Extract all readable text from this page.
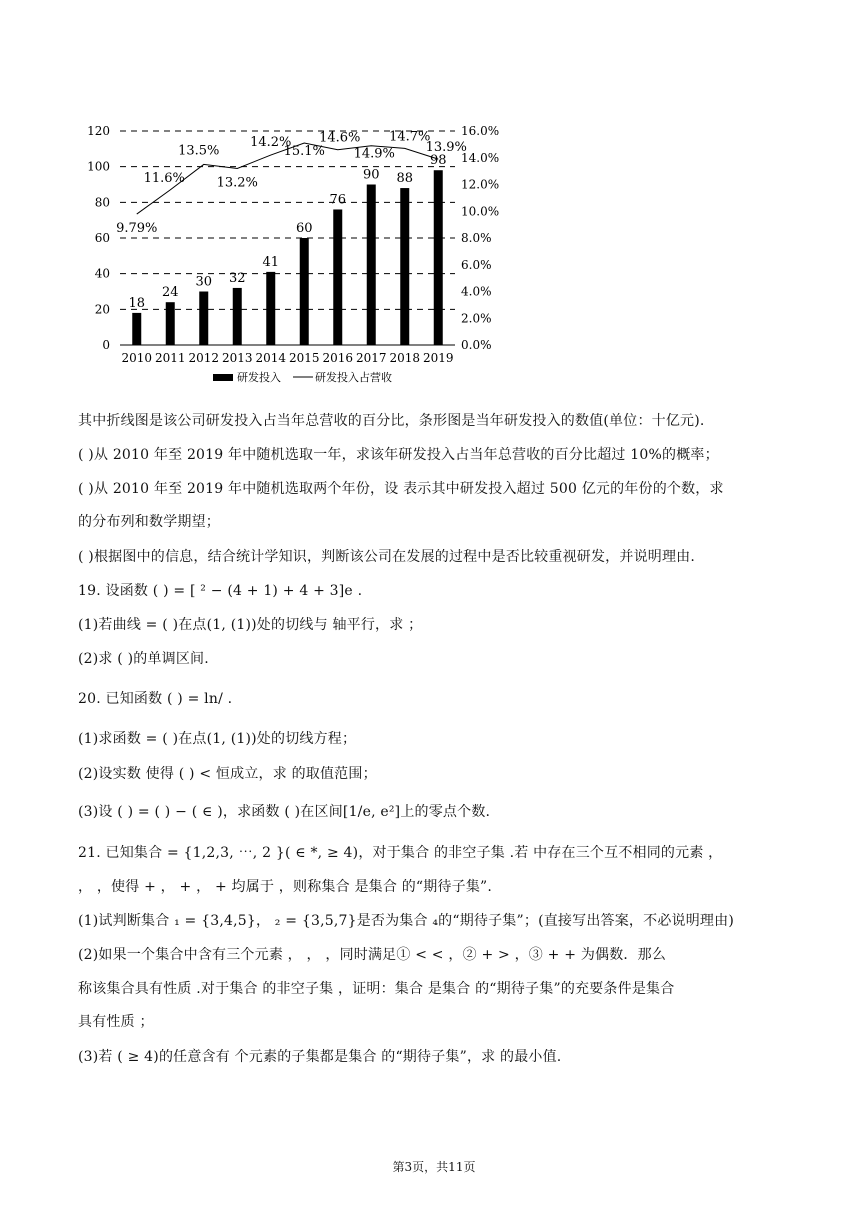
0
20
40
60
80
100
120
0.0%
2.0%
4.0%
6.0%
8.0%
10.0%
12.0%
14.0%
16.0%
18
2010
24
2011
30
2012
32
2013
41
2014
60
2015
76
2016
90
2017
88
2018
98
2019
9.79%
11.6%
13.5%
13.2%
14.2%
15.1%
14.6%
14.9%
14.7%
13.9%
研发投入	研发投入占营收
其中折线图是该公司研发投入占当年总营收的百分比，条形图是当年研发投入的数值(单位：十亿元).
( )从 2010 年至 2019 年中随机选取一年，求该年研发投入占当年总营收的百分比超过 10%的概率；
( )从 2010 年至 2019 年中随机选取两个年份，设 表示其中研发投入超过 500 亿元的年份的个数，求
的分布列和数学期望；
( )根据图中的信息，结合统计学知识，判断该公司在发展的过程中是否比较重视研发，并说明理由.
19. 设函数 ( ) = [ ² − (4 + 1) + 4 + 3]e .
(1)若曲线 = ( )在点(1, (1))处的切线与 轴平行，求 ；
(2)求 ( )的单调区间.
20. 已知函数 ( ) = ln/ .
(1)求函数 = ( )在点(1, (1))处的切线方程；
(2)设实数 使得 ( ) < 恒成立，求 的取值范围；
(3)设 ( ) = ( ) − ( ∈ )，求函数 ( )在区间[1/e, e²]上的零点个数.
21. 已知集合 = {1,2,3, ⋯, 2 }( ∈ *, ≥ 4)，对于集合 的非空子集 .若 中存在三个互不相同的元素 ，
， ，使得 + ， + ， + 均属于 ，则称集合 是集合 的“期待子集”.
(1)试判断集合 ₁ = {3,4,5}， ₂ = {3,5,7}是否为集合 ₄的“期待子集”；(直接写出答案，不必说明理由)
(2)如果一个集合中含有三个元素 ， ， ，同时满足① < < ，② + > ，③ + + 为偶数．那么
称该集合具有性质 .对于集合 的非空子集 ，证明：集合 是集合 的“期待子集”的充要条件是集合
具有性质 ；
(3)若 ( ≥ 4)的任意含有 个元素的子集都是集合 的“期待子集”，求 的最小值.
第3页，共11页
